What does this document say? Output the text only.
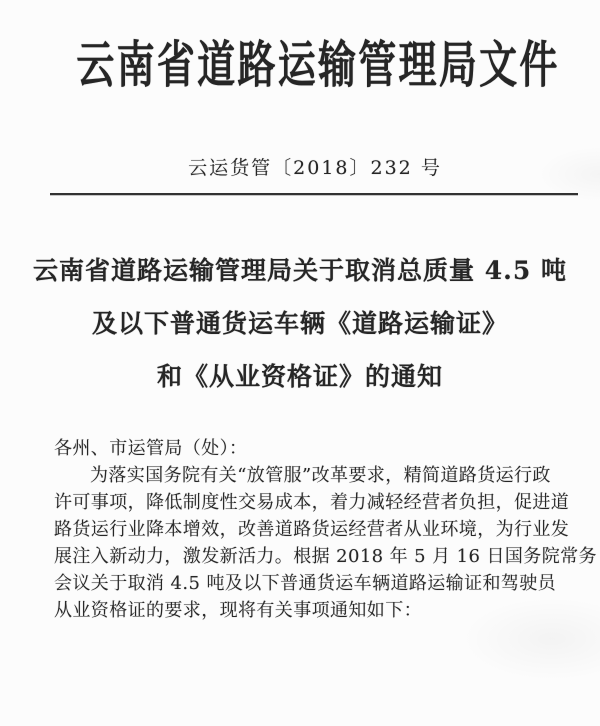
云南省道路运输管理局文件
云运货管〔2018〕232 号
云南省道路运输管理局关于取消总质量 4.5 吨
及以下普通货运车辆《道路运输证》
和《从业资格证》的通知
各州、市运管局（处）：
为落实国务院有关“放管服”改革要求，精简道路货运行政
许可事项，降低制度性交易成本，着力减轻经营者负担，促进道
路货运行业降本增效，改善道路货运经营者从业环境，为行业发
展注入新动力，激发新活力。根据 2018 年 5 月 16 日国务院常务
会议关于取消 4.5 吨及以下普通货运车辆道路运输证和驾驶员
从业资格证的要求，现将有关事项通知如下：
